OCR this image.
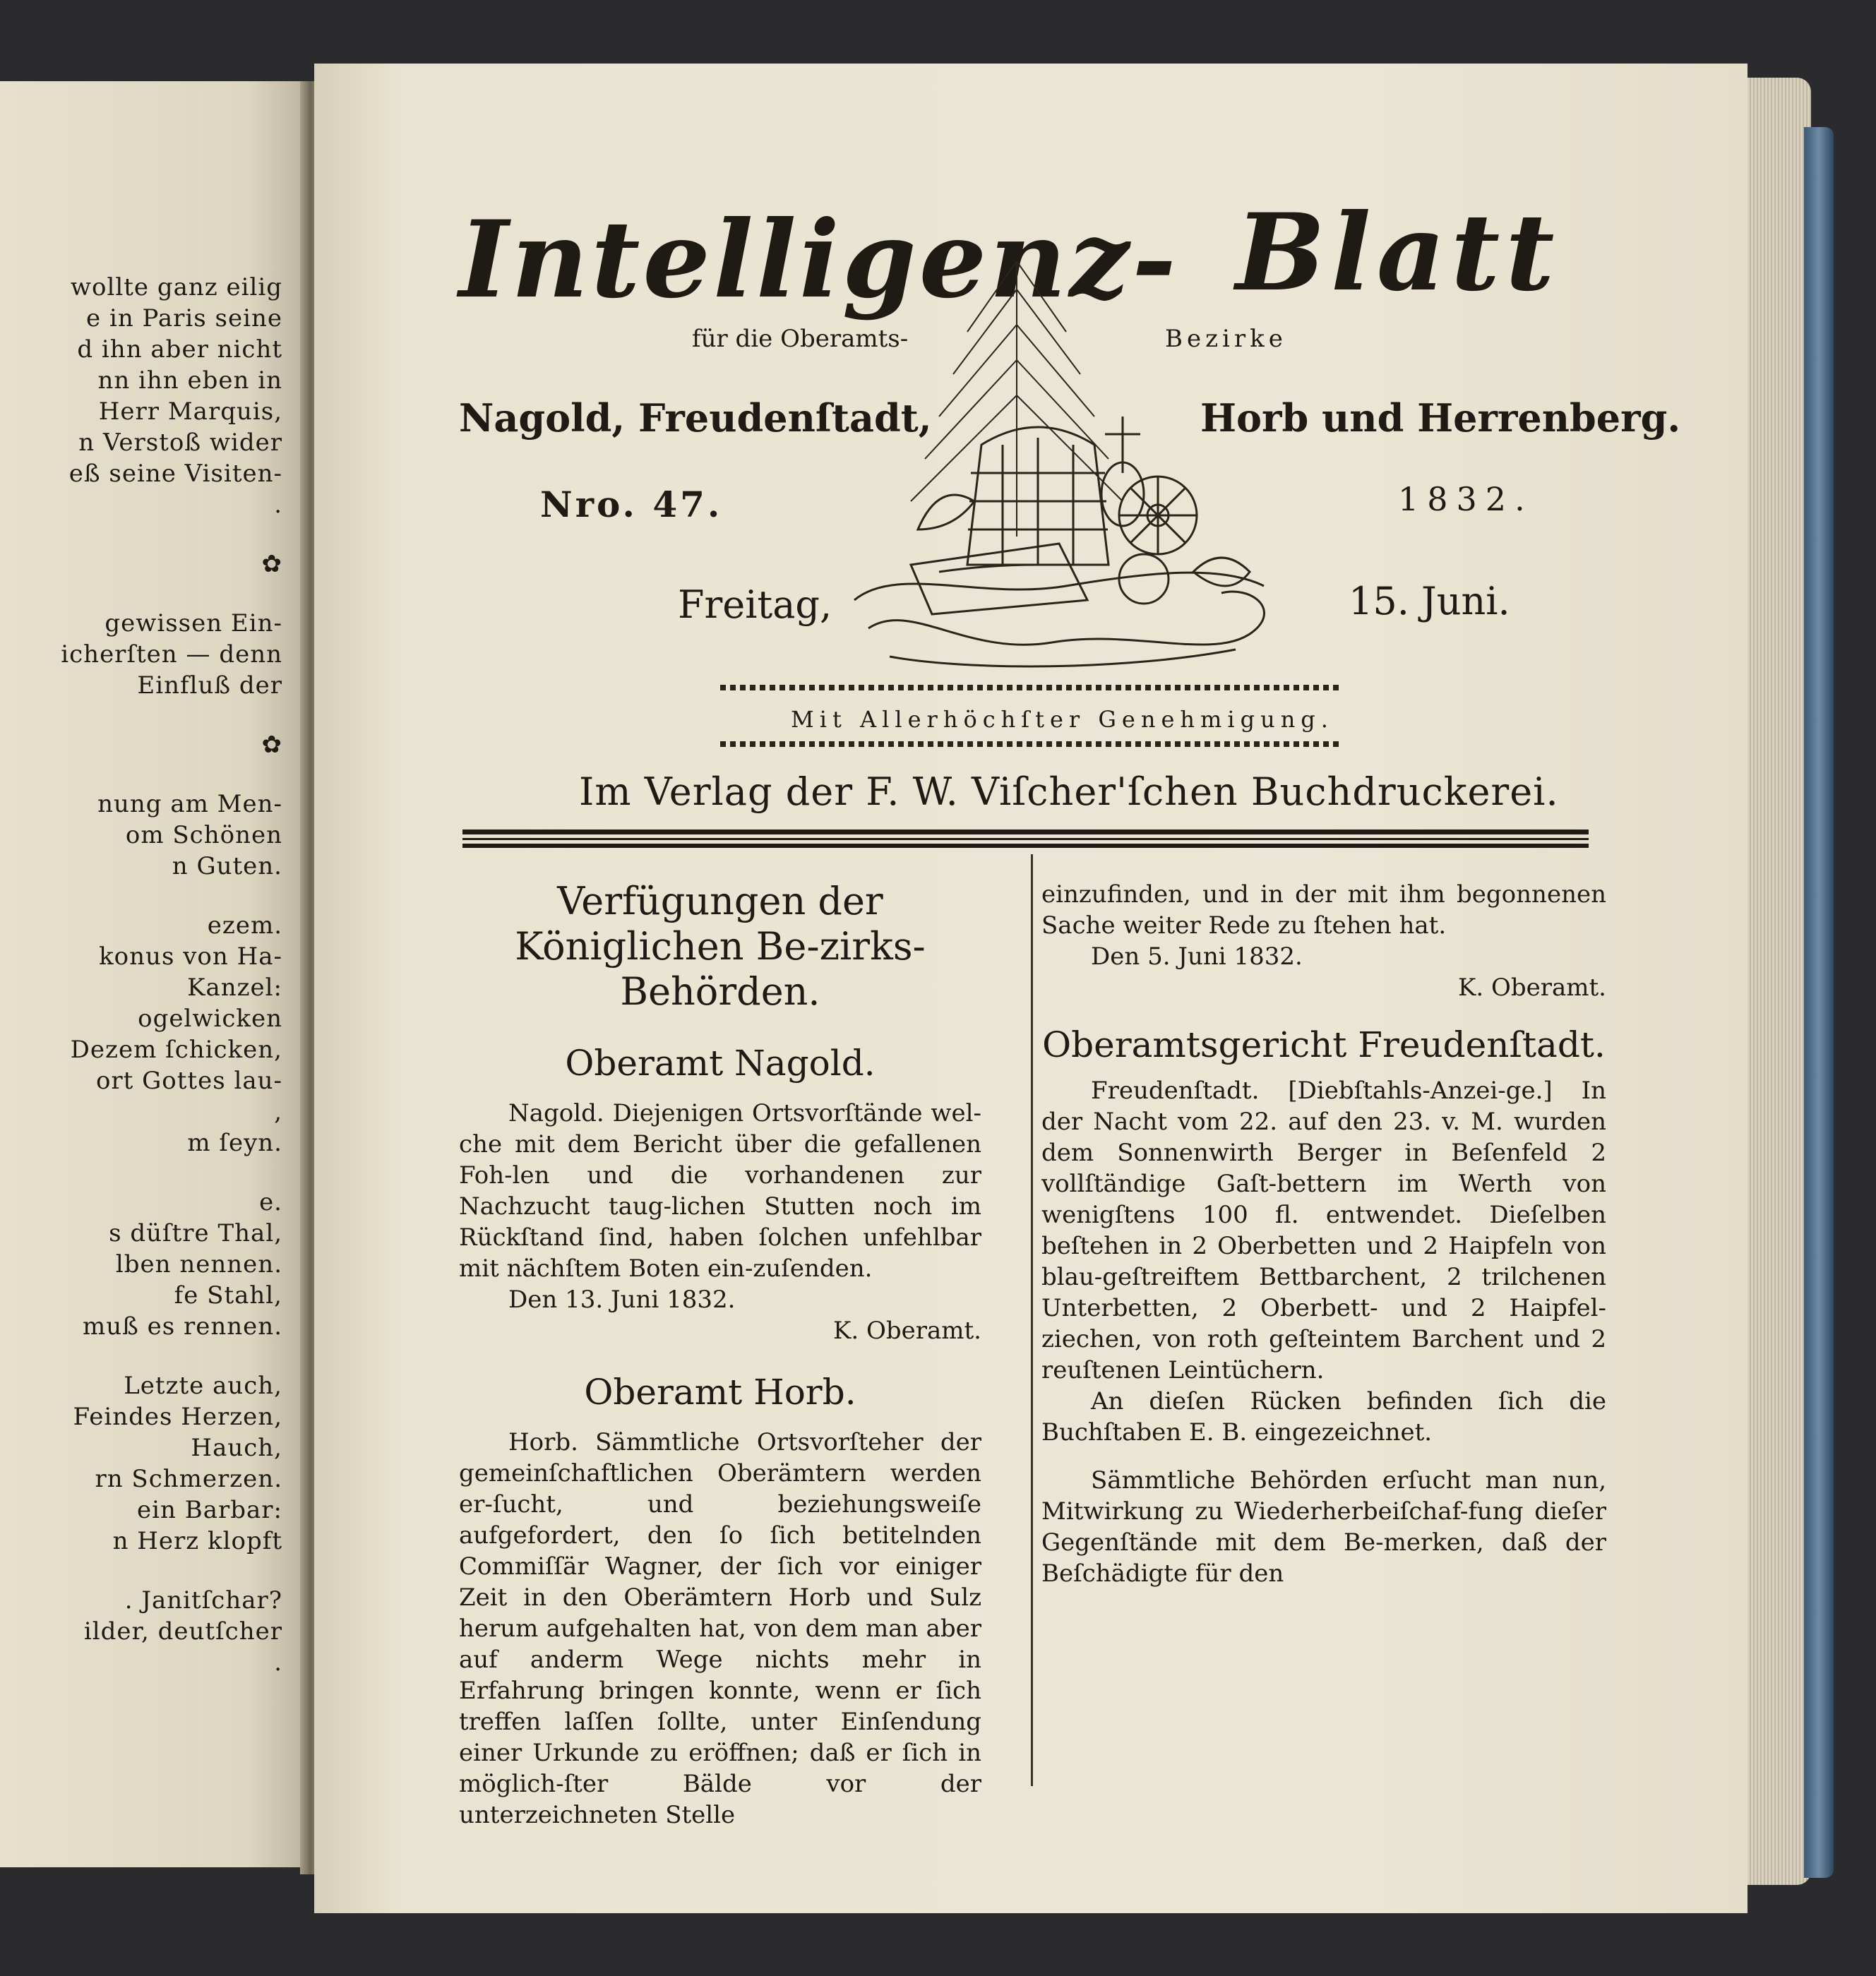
wollte ganz eilig
e in Paris seine
d ihn aber nicht
nn ihn eben in
Herr Marquis,
n Verstoß wider
eß seine Visiten-
.
✿
gewissen Ein-
icherſten — denn
Einfluß der
✿
nung am Men-
om Schönen
n Guten.
ezem.
konus von Ha-
Kanzel:
ogelwicken
Dezem ſchicken,
ort Gottes lau-
,
m ſeyn.
e.
s düſtre Thal,
lben nennen.
fe Stahl,
muß es rennen.
Letzte auch,
Feindes Herzen,
Hauch,
rn Schmerzen.
ein Barbar:
n Herz klopft
. Janitſchar?
ilder, deutſcher
.
Intelligenz- Blatt
für die Oberamts-	Bezirke
Nagold, Freudenſtadt,	Horb und Herrenberg.
Nro. 47.	1832.
Freitag,	15. Juni.
Mit Allerhöchſter Genehmigung.
Im Verlag der F. W. Viſcher'ſchen Buchdruckerei.

Verfügungen der Königlichen Be-zirks-Behörden.

Oberamt Nagold.

Nagold. Diejenigen Ortsvorſtände wel-che mit dem Bericht über die gefallenen Foh-len und die vorhandenen zur Nachzucht taug-lichen Stutten noch im Rückſtand ſind, haben ſolchen unfehlbar mit nächſtem Boten ein-zuſenden.

Den 13. Juni 1832.

K. Oberamt.

Oberamt Horb.

Horb. Sämmtliche Ortsvorſteher der gemeinſchaftlichen Oberämtern werden er-ſucht, und beziehungsweiſe aufgefordert, den ſo ſich betitelnden Commiſſär Wagner, der ſich vor einiger Zeit in den Oberämtern Horb und Sulz herum aufgehalten hat, von dem man aber auf anderm Wege nichts mehr in Erfahrung bringen konnte, wenn er ſich treffen laſſen ſollte, unter Einſendung einer Urkunde zu eröffnen; daß er ſich in möglich-ſter Bälde vor der unterzeichneten Stelle

einzufinden, und in der mit ihm begonnenen Sache weiter Rede zu ſtehen hat.

Den 5. Juni 1832.

K. Oberamt.

Oberamtsgericht Freudenſtadt.

Freudenſtadt. [Diebſtahls-Anzei-ge.] In der Nacht vom 22. auf den 23. v. M. wurden dem Sonnenwirth Berger in Beſenfeld 2 vollſtändige Gaſt-bettern im Werth von wenigſtens 100 fl. entwendet. Dieſelben beſtehen in 2 Oberbetten und 2 Haipfeln von blau-geſtreiftem Bettbarchent, 2 trilchenen Unterbetten, 2 Oberbett- und 2 Haipfel-ziechen, von roth geſteintem Barchent und 2 reuſtenen Leintüchern.

An dieſen Rücken befinden ſich die Buchſtaben E. B. eingezeichnet.

Sämmtliche Behörden erſucht man nun, Mitwirkung zu Wiederherbeiſchaf-fung dieſer Gegenſtände mit dem Be-merken, daß der Beſchädigte für den
